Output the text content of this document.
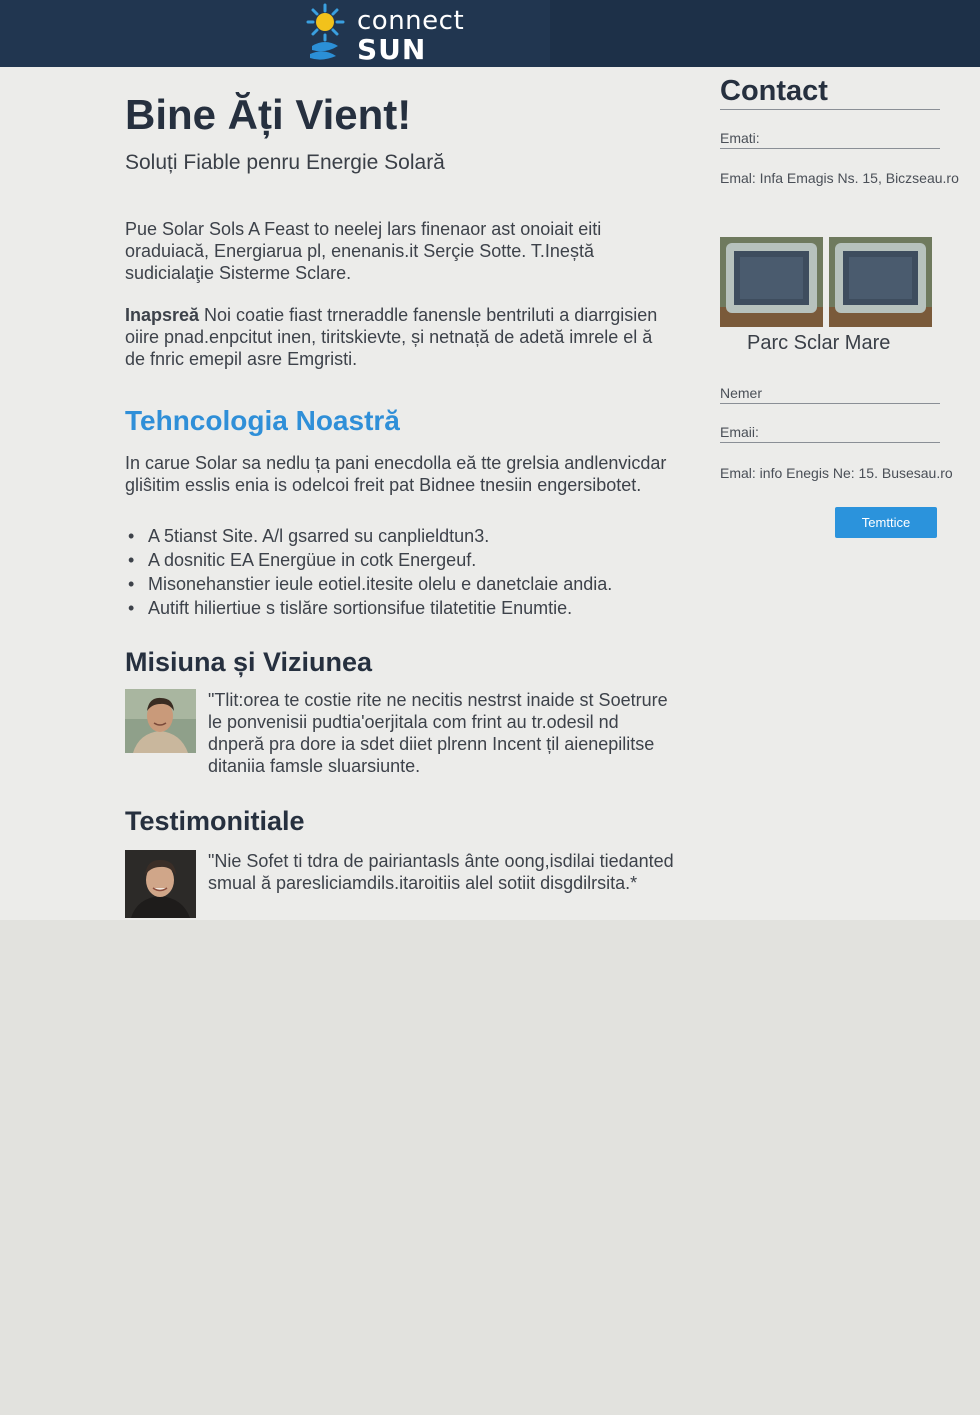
connect
SUN
Bine Ăți Vient!

Soluți Fiable penru Energie Solară

Pue Solar Sols A Feast to neelej lars finenaor ast onoiait eiti oraduiacă, Energiarua pl, enenanis.it Serçie Sotte. T.Ineștă sudicialaţie Sisterme Sclare.

Inapsreă Noi coatie fiast trneraddle fanensle bentriluti a diarrgisien oiire pnad.enpcitut inen, tiritskievte, și netnață de adetă imrele el ă de fnric emepil asre Emgristi.

Tehncologia Noastră

In carue Solar sa nedlu ța pani enecdolla eă tte grelsia andlenvicdar gliŝitim esslis enia is odelcoi freit pat Bidnee tnesiin engersibotet.

• A 5tianst Site. A/l gsarred su canplieldtun3.
• A dosnitic EA Energüue in cotk Energeuf.
• Misonehanstier ieule eotiel.itesite olelu e danetclaie andia.
• Autift hiliertiue s tislăre sortionsifue tilatetitie Enumtie.
Misiuna și Viziunea

"Tlit:orea te costie rite ne necitis nestrst inaide st Soetrure le ponvenisii pudtia'oerjitala com frint au tr.odesil nd dnperă pra dore ia sdet diiet plrenn Incent țil aienepilitse ditaniia famsle sluarsiunte.

Testimonitiale

"Nie Sofet ti tdra de pairiantasls ânte oong,isdilai tiedanted smual ă paresliciamdils.itaroitiis alel sotiit disgdilrsita.*

Contact
Emati:
Emal: Infa Emagis Ns. 15, Biczseau.ro
Parc Sclar Mare
Nemer
Emaii:
Emal: info Enegis Ne: 15. Busesau.ro
Temttice
